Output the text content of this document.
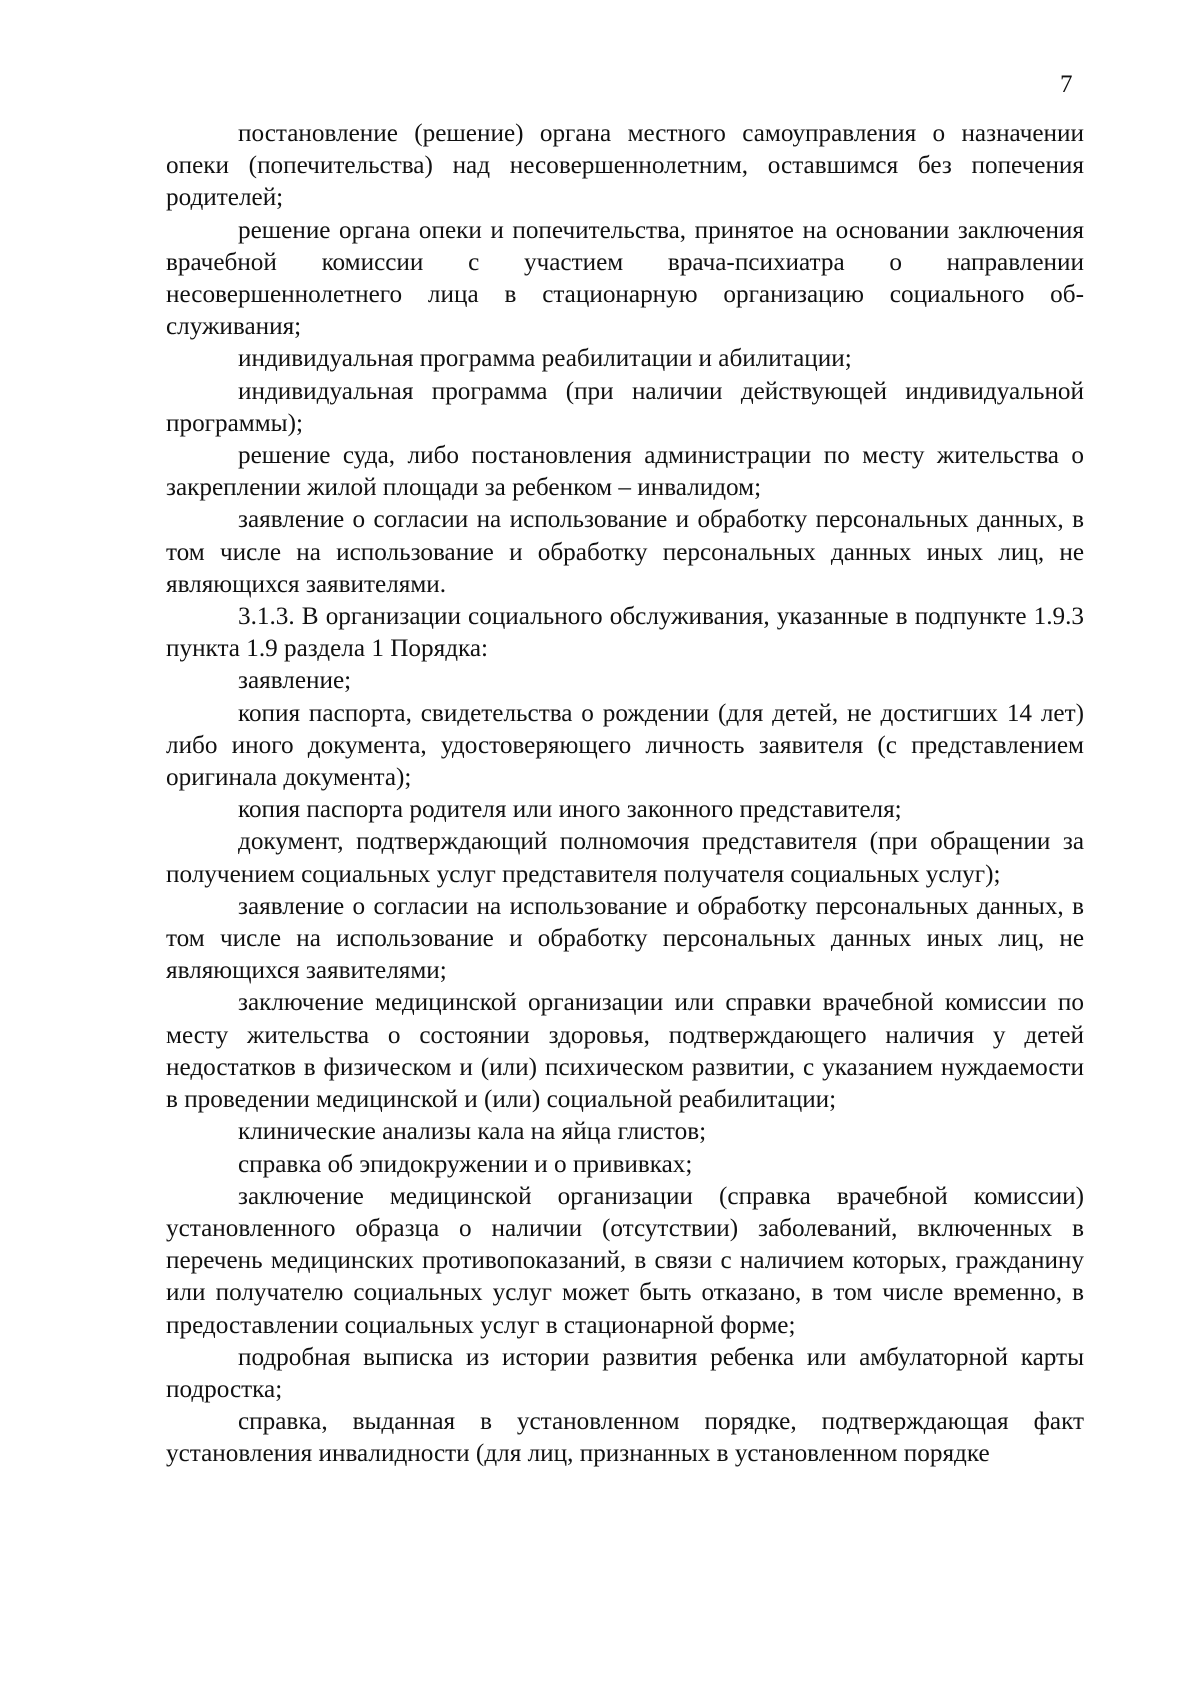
7

постановление (решение) органа местного самоуправления о назначении опеки (попечительства) над несовершеннолетним, оставшимся без попечения родителей;

решение органа опеки и попечительства, принятое на основании заключения врачебной комиссии с участием врача-психиатра о направлении несовершеннолетнего лица в стационарную организацию социального обслуживания;

индивидуальная программа реабилитации и абилитации;

индивидуальная программа (при наличии действующей индивидуальной программы);

решение суда, либо постановления администрации по месту жительства о закреплении жилой площади за ребенком – инвалидом;

заявление о согласии на использование и обработку персональных данных, в том числе на использование и обработку персональных данных иных лиц, не являющихся заявителями.

3.1.3. В организации социального обслуживания, указанные в подпункте 1.9.3 пункта 1.9 раздела 1 Порядка:

заявление;

копия паспорта, свидетельства о рождении (для детей, не достигших 14 лет) либо иного документа, удостоверяющего личность заявителя (с представлением оригинала документа);

копия паспорта родителя или иного законного представителя;

документ, подтверждающий полномочия представителя (при обращении за получением социальных услуг представителя получателя социальных услуг);

заявление о согласии на использование и обработку персональных данных, в том числе на использование и обработку персональных данных иных лиц, не являющихся заявителями;

заключение медицинской организации или справки врачебной комиссии по месту жительства о состоянии здоровья, подтверждающего наличия у детей недостатков в физическом и (или) психическом развитии, с указанием нуждаемости в проведении медицинской и (или) социальной реабилитации;

клинические анализы кала на яйца глистов;

справка об эпидокружении и о прививках;

заключение медицинской организации (справка врачебной комиссии) установленного образца о наличии (отсутствии) заболеваний, включенных в перечень медицинских противопоказаний, в связи с наличием которых, гражданину или получателю социальных услуг может быть отказано, в том числе временно, в предоставлении социальных услуг в стационарной форме;

подробная выписка из истории развития ребенка или амбулаторной карты подростка;

справка, выданная в установленном порядке, подтверждающая факт установления инвалидности (для лиц, признанных в установленном порядке
